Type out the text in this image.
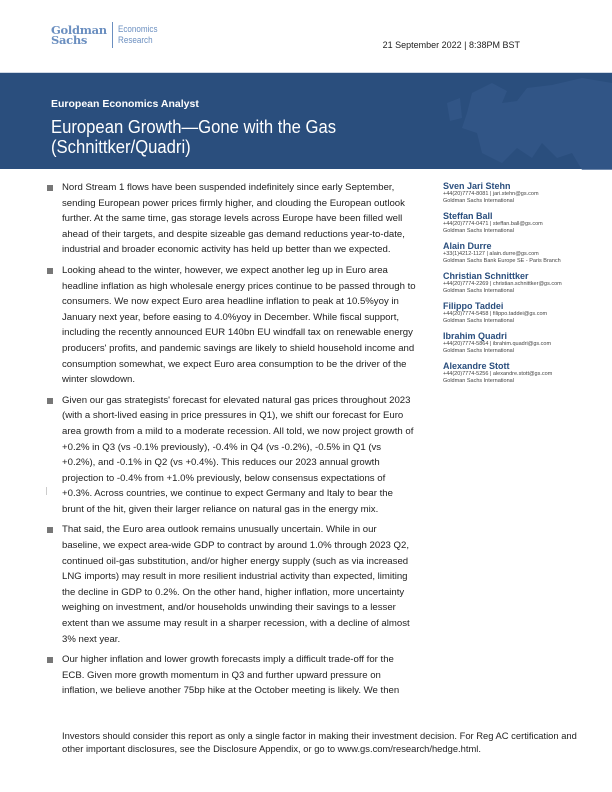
Goldman
Sachs
Economics
Research	21 September 2022 | 8:38PM BST
European Economics Analyst
European Growth—Gone with the Gas
(Schnittker/Quadri)

Nord Stream 1 flows have been suspended indefinitely since early September, sending European power prices firmly higher, and clouding the European outlook further. At the same time, gas storage levels across Europe have been filled well ahead of their targets, and despite sizeable gas demand reductions year-to-date, industrial and broader economic activity has held up better than we expected.

Looking ahead to the winter, however, we expect another leg up in Euro area headline inflation as high wholesale energy prices continue to be passed through to consumers. We now expect Euro area headline inflation to peak at 10.5%yoy in January next year, before easing to 4.0%yoy in December. While fiscal support, including the recently announced EUR 140bn EU windfall tax on renewable energy producers' profits, and pandemic savings are likely to shield household income and consumption somewhat, we expect Euro area consumption to be the driver of the winter slowdown.

Given our gas strategists' forecast for elevated natural gas prices throughout 2023 (with a short-lived easing in price pressures in Q1), we shift our forecast for Euro area growth from a mild to a moderate recession. All told, we now project growth of +0.2% in Q3 (vs -0.1% previously), -0.4% in Q4 (vs -0.2%), -0.5% in Q1 (vs +0.2%), and -0.1% in Q2 (vs +0.4%). This reduces our 2023 annual growth projection to -0.4% from +1.0% previously, below consensus expectations of +0.3%. Across countries, we continue to expect Germany and Italy to bear the brunt of the hit, given their larger reliance on natural gas in the energy mix.

That said, the Euro area outlook remains unusually uncertain. While in our baseline, we expect area-wide GDP to contract by around 1.0% through 2023 Q2, continued oil-gas substitution, and/or higher energy supply (such as via increased LNG imports) may result in more resilient industrial activity than expected, limiting the decline in GDP to 0.2%. On the other hand, higher inflation, more uncertainty weighing on investment, and/or households unwinding their savings to a lesser extent than we assume may result in a sharper recession, with a decline of almost 3% next year.

Our higher inflation and lower growth forecasts imply a difficult trade-off for the ECB. Given more growth momentum in Q3 and further upward pressure on inflation, we believe another 75bp hike at the October meeting is likely. We then

Sven Jari Stehn
+44(20)7774-8081 | jari.stehn@gs.com
Goldman Sachs International
Steffan Ball
+44(20)7774-0471 | steffan.ball@gs.com
Goldman Sachs International
Alain Durre
+33(1)4212-1127 | alain.durre@gs.com
Goldman Sachs Bank Europe SE - Paris Branch
Christian Schnittker
+44(20)7774-2269 | christian.schnittker@gs.com
Goldman Sachs International
Filippo Taddei
+44(20)7774-5458 | filippo.taddei@gs.com
Goldman Sachs International
Ibrahim Quadri
+44(20)7774-5864 | ibrahim.quadri@gs.com
Goldman Sachs International
Alexandre Stott
+44(20)7774-5256 | alexandre.stott@gs.com
Goldman Sachs International
Investors should consider this report as only a single factor in making their investment decision. For Reg AC certification and other important disclosures, see the Disclosure Appendix, or go to www.gs.com/research/hedge.html.
